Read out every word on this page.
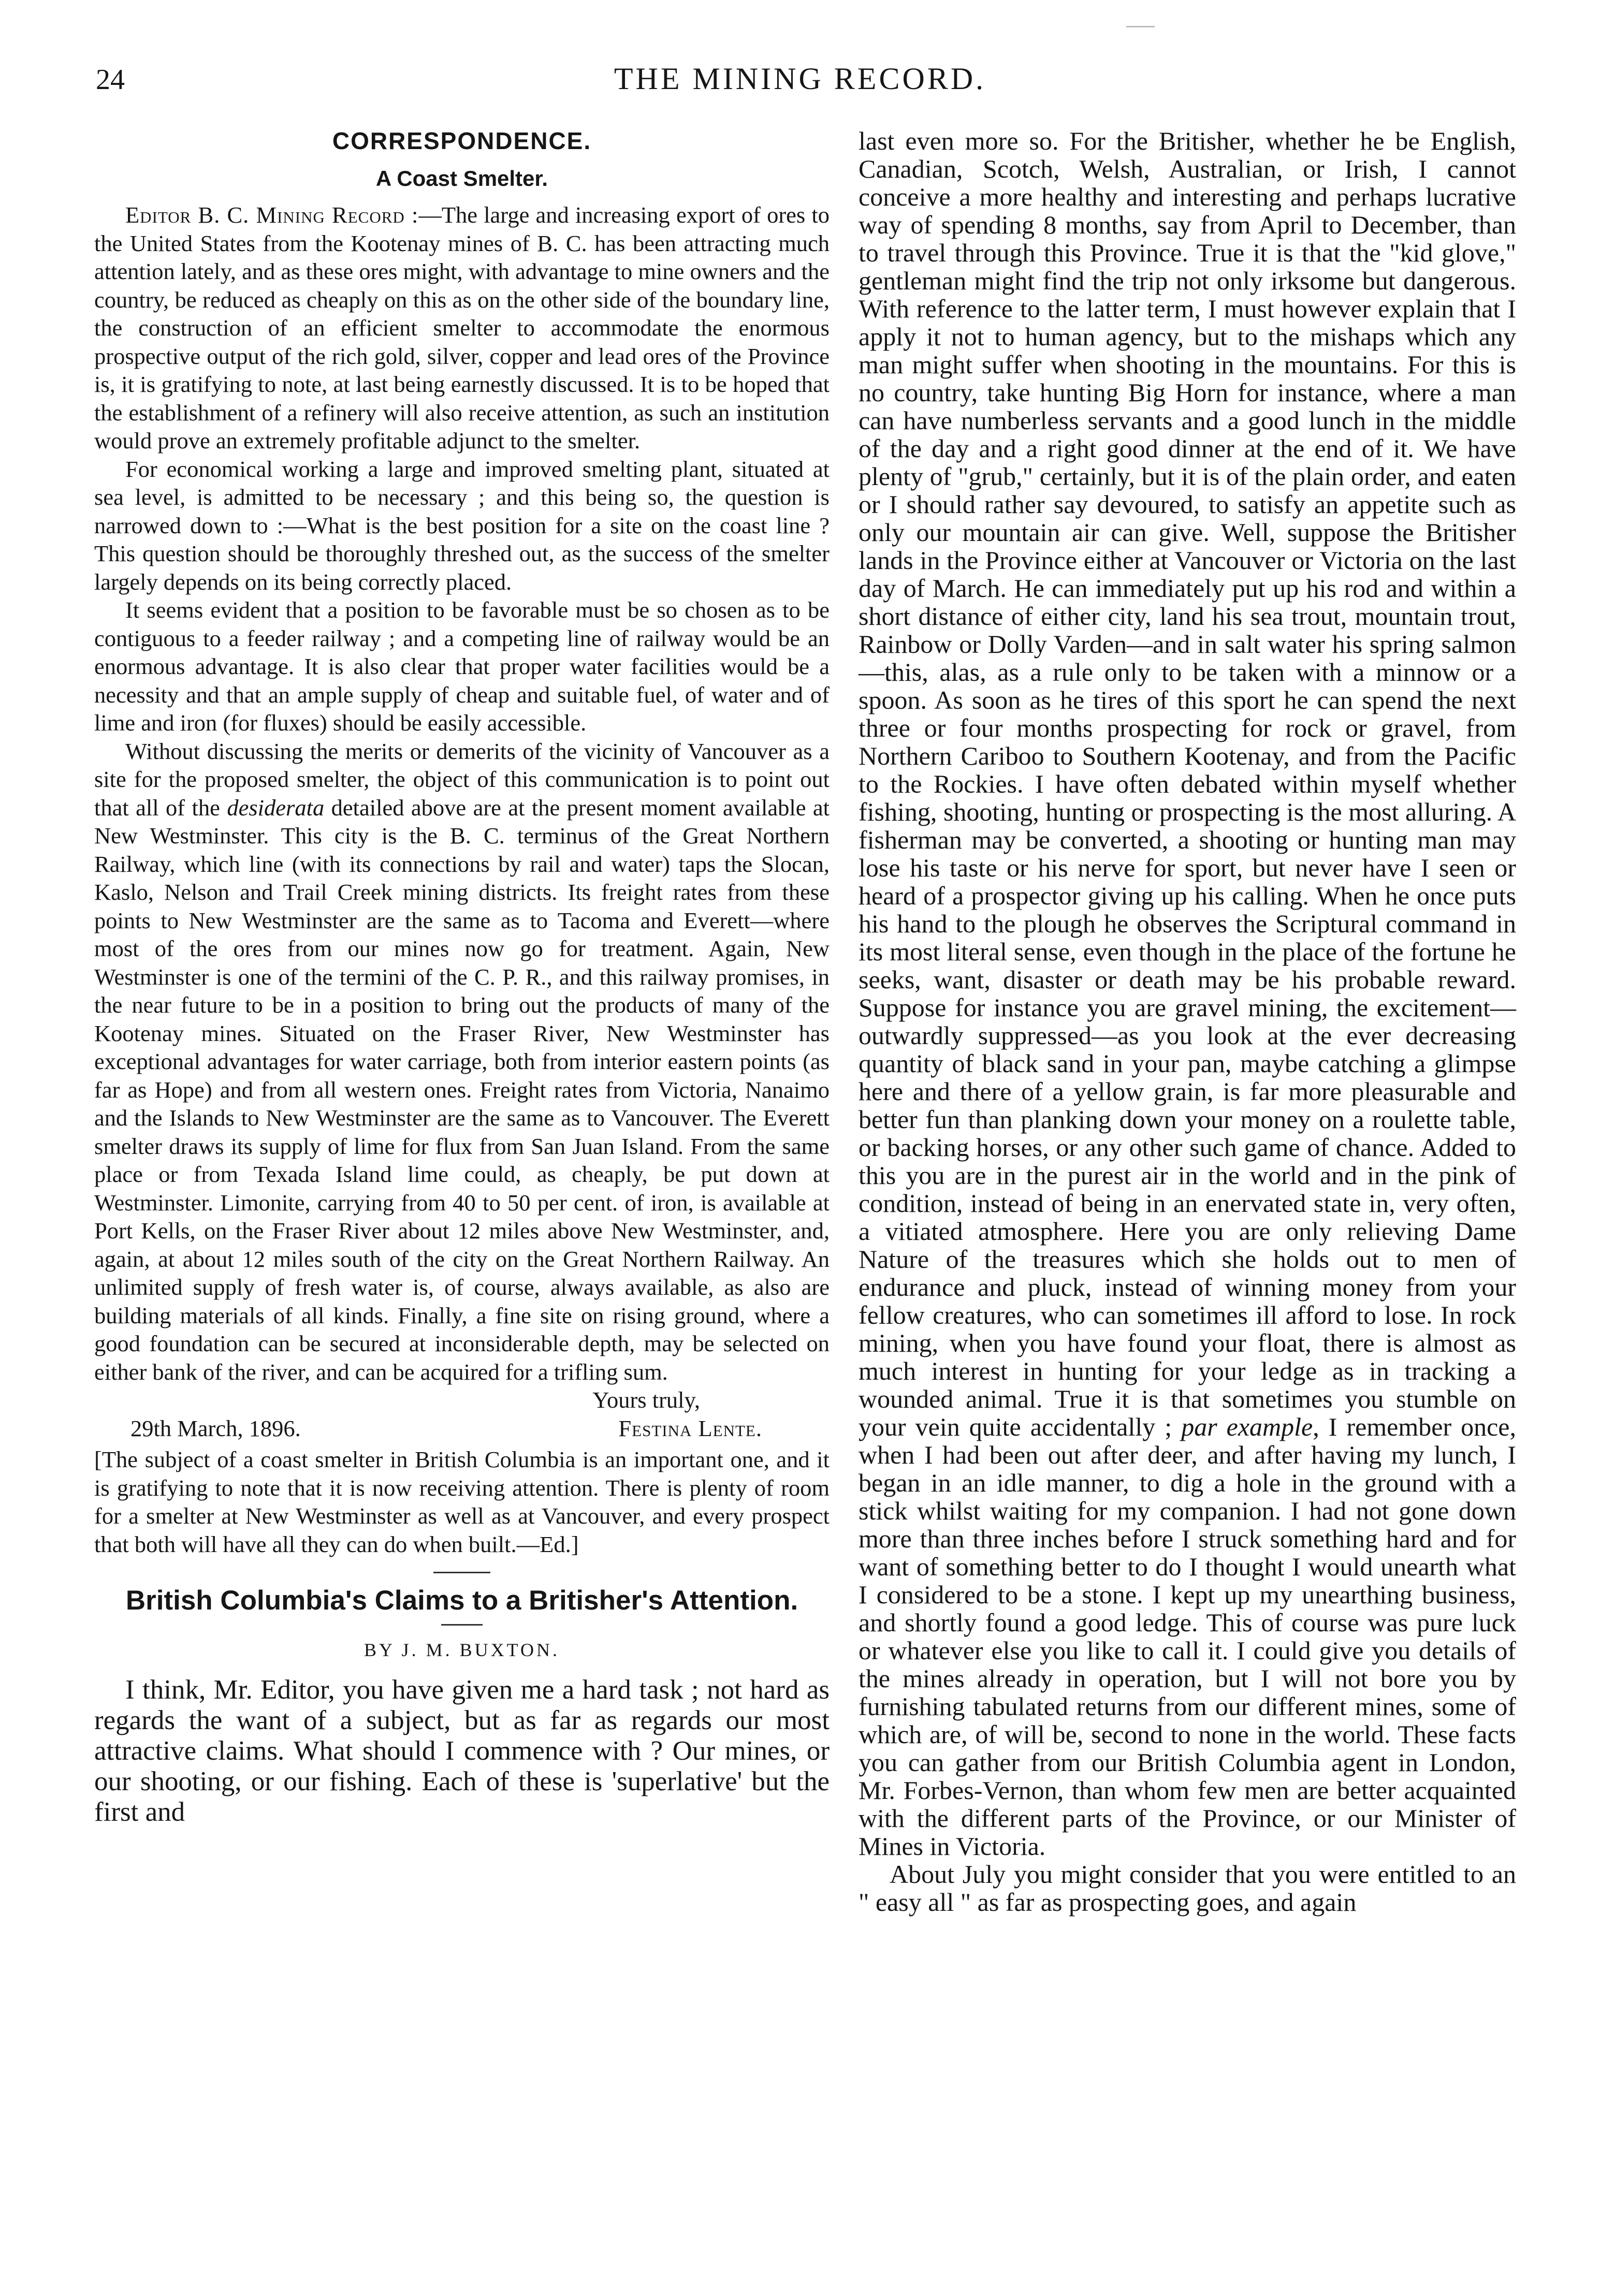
24	THE MINING RECORD.
CORRESPONDENCE.
A Coast Smelter.

Editor B. C. Mining Record :—The large and increasing export of ores to the United States from the Kootenay mines of B. C. has been attracting much attention lately, and as these ores might, with advantage to mine owners and the country, be reduced as cheaply on this as on the other side of the boundary line, the construction of an efficient smelter to accommodate the enormous prospective output of the rich gold, silver, copper and lead ores of the Province is, it is gratifying to note, at last being earnestly discussed. It is to be hoped that the establishment of a refinery will also receive attention, as such an institution would prove an extremely profitable adjunct to the smelter.

For economical working a large and improved smelting plant, situated at sea level, is admitted to be necessary ; and this being so, the question is narrowed down to :—What is the best position for a site on the coast line ? This question should be thoroughly threshed out, as the success of the smelter largely depends on its being correctly placed.

It seems evident that a position to be favorable must be so chosen as to be contiguous to a feeder railway ; and a competing line of railway would be an enormous advantage. It is also clear that proper water facilities would be a necessity and that an ample supply of cheap and suitable fuel, of water and of lime and iron (for fluxes) should be easily accessible.

Without discussing the merits or demerits of the vicinity of Vancouver as a site for the proposed smelter, the object of this communication is to point out that all of the desiderata detailed above are at the present moment available at New Westminster. This city is the B. C. terminus of the Great Northern Railway, which line (with its connections by rail and water) taps the Slocan, Kaslo, Nelson and Trail Creek mining districts. Its freight rates from these points to New Westminster are the same as to Tacoma and Everett—where most of the ores from our mines now go for treatment. Again, New Westminster is one of the termini of the C. P. R., and this railway promises, in the near future to be in a position to bring out the products of many of the Kootenay mines. Situated on the Fraser River, New Westminster has exceptional advantages for water carriage, both from interior eastern points (as far as Hope) and from all western ones. Freight rates from Victoria, Nanaimo and the Islands to New Westminster are the same as to Vancouver. The Everett smelter draws its supply of lime for flux from San Juan Island. From the same place or from Texada Island lime could, as cheaply, be put down at Westminster. Limonite, carrying from 40 to 50 per cent. of iron, is available at Port Kells, on the Fraser River about 12 miles above New Westminster, and, again, at about 12 miles south of the city on the Great Northern Railway. An unlimited supply of fresh water is, of course, always available, as also are building materials of all kinds. Finally, a fine site on rising ground, where a good foundation can be secured at inconsiderable depth, may be selected on either bank of the river, and can be acquired for a trifling sum.

Yours truly,
29th March, 1896.	Festina Lente.

[The subject of a coast smelter in British Columbia is an important one, and it is gratifying to note that it is now receiving attention. There is plenty of room for a smelter at New Westminster as well as at Vancouver, and every prospect that both will have all they can do when built.—Ed.]

British Columbia's Claims to a Britisher's Attention.
BY J. M. BUXTON.

I think, Mr. Editor, you have given me a hard task ; not hard as regards the want of a subject, but as far as regards our most attractive claims. What should I commence with ? Our mines, or our shooting, or our fishing. Each of these is 'superlative' but the first and

last even more so. For the Britisher, whether he be English, Canadian, Scotch, Welsh, Australian, or Irish, I cannot conceive a more healthy and interesting and perhaps lucrative way of spending 8 months, say from April to December, than to travel through this Province. True it is that the "kid glove," gentleman might find the trip not only irksome but dangerous. With reference to the latter term, I must however explain that I apply it not to human agency, but to the mishaps which any man might suffer when shooting in the mountains. For this is no country, take hunting Big Horn for instance, where a man can have numberless servants and a good lunch in the middle of the day and a right good dinner at the end of it. We have plenty of "grub," certainly, but it is of the plain order, and eaten or I should rather say devoured, to satisfy an appetite such as only our mountain air can give. Well, suppose the Britisher lands in the Province either at Vancouver or Victoria on the last day of March. He can immediately put up his rod and within a short distance of either city, land his sea trout, mountain trout, Rainbow or Dolly Varden—and in salt water his spring salmon—this, alas, as a rule only to be taken with a minnow or a spoon. As soon as he tires of this sport he can spend the next three or four months prospecting for rock or gravel, from Northern Cariboo to Southern Kootenay, and from the Pacific to the Rockies. I have often debated within myself whether fishing, shooting, hunting or prospecting is the most alluring. A fisherman may be converted, a shooting or hunting man may lose his taste or his nerve for sport, but never have I seen or heard of a prospector giving up his calling. When he once puts his hand to the plough he observes the Scriptural command in its most literal sense, even though in the place of the fortune he seeks, want, disaster or death may be his probable reward. Suppose for instance you are gravel mining, the excitement—outwardly suppressed—as you look at the ever decreasing quantity of black sand in your pan, maybe catching a glimpse here and there of a yellow grain, is far more pleasurable and better fun than planking down your money on a roulette table, or backing horses, or any other such game of chance. Added to this you are in the purest air in the world and in the pink of condition, instead of being in an enervated state in, very often, a vitiated atmosphere. Here you are only relieving Dame Nature of the treasures which she holds out to men of endurance and pluck, instead of winning money from your fellow creatures, who can sometimes ill afford to lose. In rock mining, when you have found your float, there is almost as much interest in hunting for your ledge as in tracking a wounded animal. True it is that sometimes you stumble on your vein quite accidentally ; par example, I remember once, when I had been out after deer, and after having my lunch, I began in an idle manner, to dig a hole in the ground with a stick whilst waiting for my companion. I had not gone down more than three inches before I struck something hard and for want of something better to do I thought I would unearth what I considered to be a stone. I kept up my unearthing business, and shortly found a good ledge. This of course was pure luck or whatever else you like to call it. I could give you details of the mines already in operation, but I will not bore you by furnishing tabulated returns from our different mines, some of which are, of will be, second to none in the world. These facts you can gather from our British Columbia agent in London, Mr. Forbes-Vernon, than whom few men are better acquainted with the different parts of the Province, or our Minister of Mines in Victoria.

About July you might consider that you were entitled to an " easy all " as far as prospecting goes, and again
